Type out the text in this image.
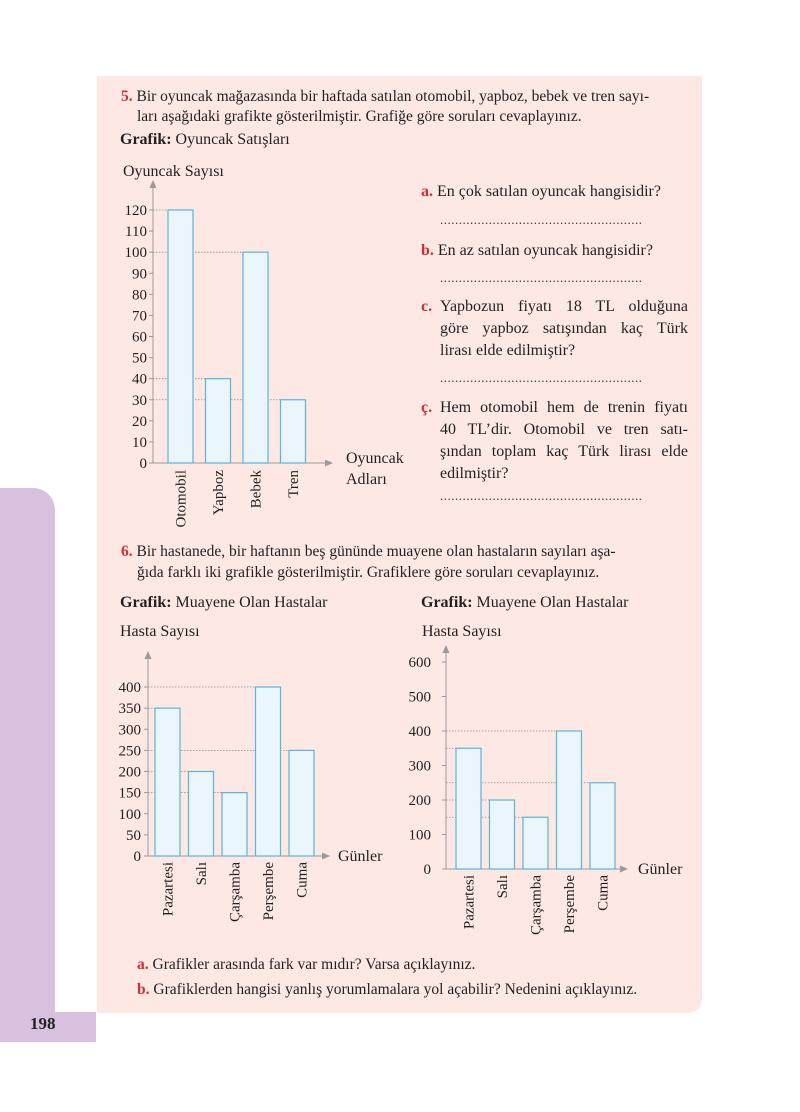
198
5. Bir oyuncak mağazasında bir haftada satılan otomobil, yapboz, bebek ve tren sayı-
ları aşağıdaki grafikte gösterilmiştir. Grafiğe göre soruları cevaplayınız.
Grafik: Oyuncak Satışları
Oyuncak Sayısı
0
10
20
30
40
50
60
70
80
90
100
110
120
Otomobil Yapboz Bebek Tren
Oyuncak
Adları
a. En çok satılan oyuncak hangisidir?
......................................................
b. En az satılan oyuncak hangisidir?
......................................................
c. Yapbozun fiyatı 18 TL olduğuna
göre yapboz satışından kaç Türk
lirası elde edilmiştir?
......................................................
ç. Hem otomobil hem de trenin fiyatı
40 TL’dir. Otomobil ve tren satı-
şından toplam kaç Türk lirası elde
edilmiştir?
......................................................
6. Bir hastanede, bir haftanın beş gününde muayene olan hastaların sayıları aşa-
ğıda farklı iki grafikle gösterilmiştir. Grafiklere göre soruları cevaplayınız.
Grafik: Muayene Olan Hastalar	Grafik: Muayene Olan Hastalar
Hasta Sayısı
0
50
100
150
200
250
300
350
400
Pazartesi Salı Çarşamba Perşembe Cuma
Günler
Hasta Sayısı
0
100
200
300
400
500
600
Pazartesi Salı Çarşamba Perşembe Cuma
Günler
a. Grafikler arasında fark var mıdır? Varsa açıklayınız.
b. Grafiklerden hangisi yanlış yorumlamalara yol açabilir? Nedenini açıklayınız.
